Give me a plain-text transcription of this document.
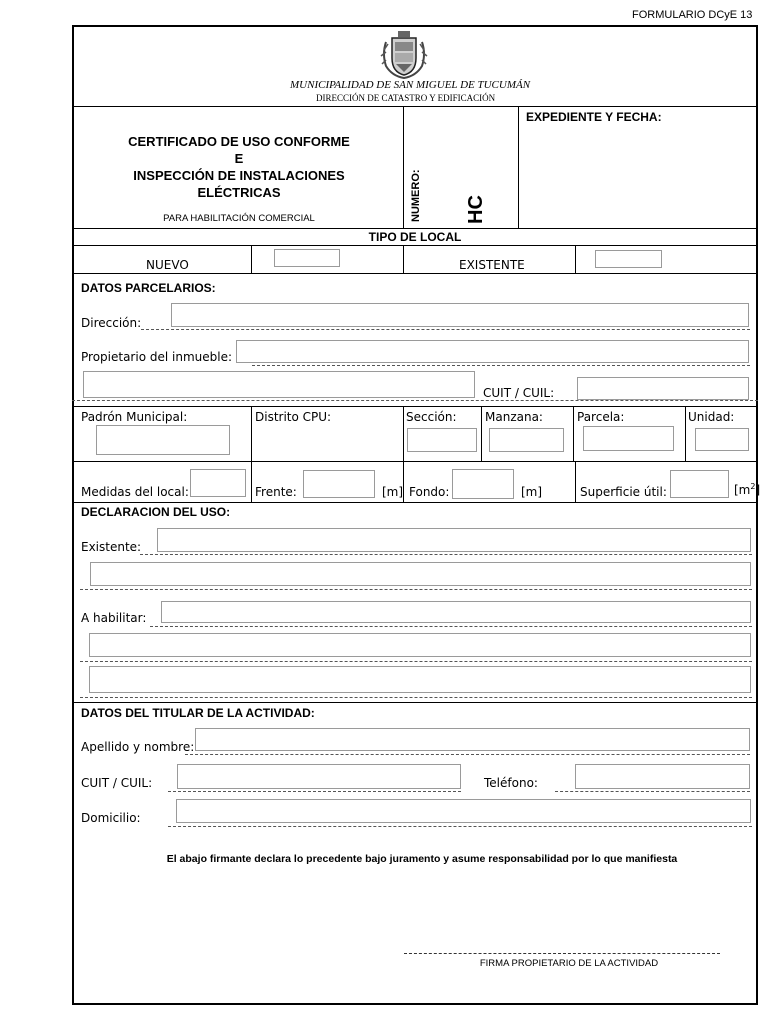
FORMULARIO DCyE 13
MUNICIPALIDAD DE SAN MIGUEL DE TUCUMÁN
DIRECCIÓN DE CATASTRO Y EDIFICACIÓN
CERTIFICADO DE USO CONFORME
E
INSPECCIÓN DE INSTALACIONES
ELÉCTRICAS
PARA HABILITACIÓN COMERCIAL	NUMERO: HC
EXPEDIENTE Y FECHA:
TIPO DE LOCAL
NUEVO	EXISTENTE
DATOS PARCELARIOS:
Dirección:
Propietario del inmueble:
CUIT / CUIL:
Padrón Municipal:	Distrito CPU:	Sección: Manzana:	Parcela:	Unidad:
Medidas del local:	Frente:	[m] Fondo:	[m]	Superficie útil:	$[m^2]$
DECLARACION DEL USO:
Existente:
A habilitar:
DATOS DEL TITULAR DE LA ACTIVIDAD:
Apellido y nombre:
CUIT / CUIL:	Teléfono:
Domicilio:
El abajo firmante declara lo precedente bajo juramento y asume responsabilidad por lo que manifiesta
FIRMA PROPIETARIO DE LA ACTIVIDAD
